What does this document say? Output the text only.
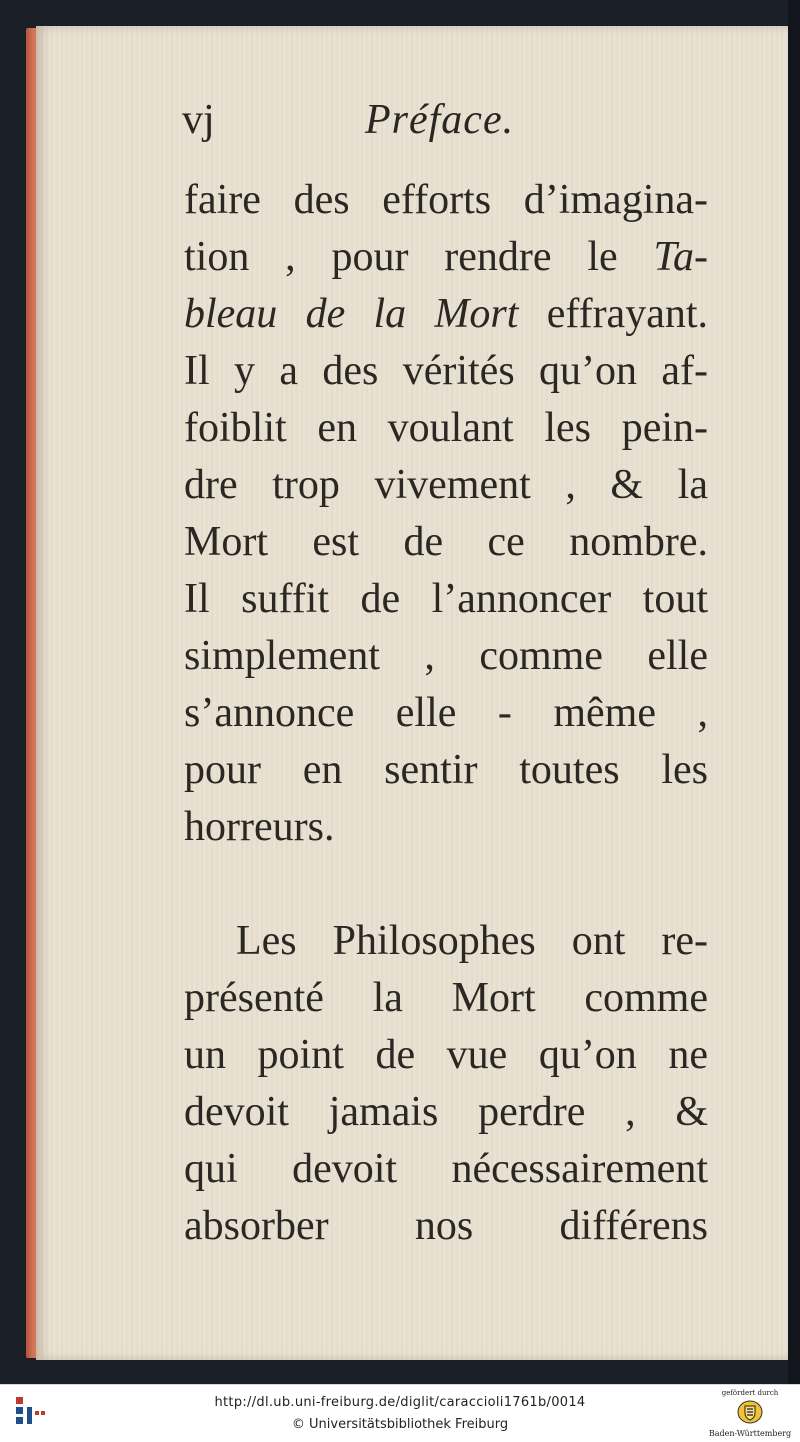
vj	Préface.
faire des efforts d’imagina-
tion , pour rendre le Ta-
bleau de la Mort effrayant.
Il y a des vérités qu’on af-
foiblit en voulant les pein-
dre trop vivement , & la
Mort est de ce nombre.
Il suffit de l’annoncer tout
simplement , comme elle
s’annonce elle - même ,
pour en sentir toutes les
horreurs.
Les Philosophes ont re-
présenté la Mort comme
un point de vue qu’on ne
devoit jamais perdre , &
qui devoit nécessairement
absorber nos différens
http://dl.ub.uni-freiburg.de/diglit/caraccioli1761b/0014
© Universitätsbibliothek Freiburg
gefördert durch
Baden-Württemberg
